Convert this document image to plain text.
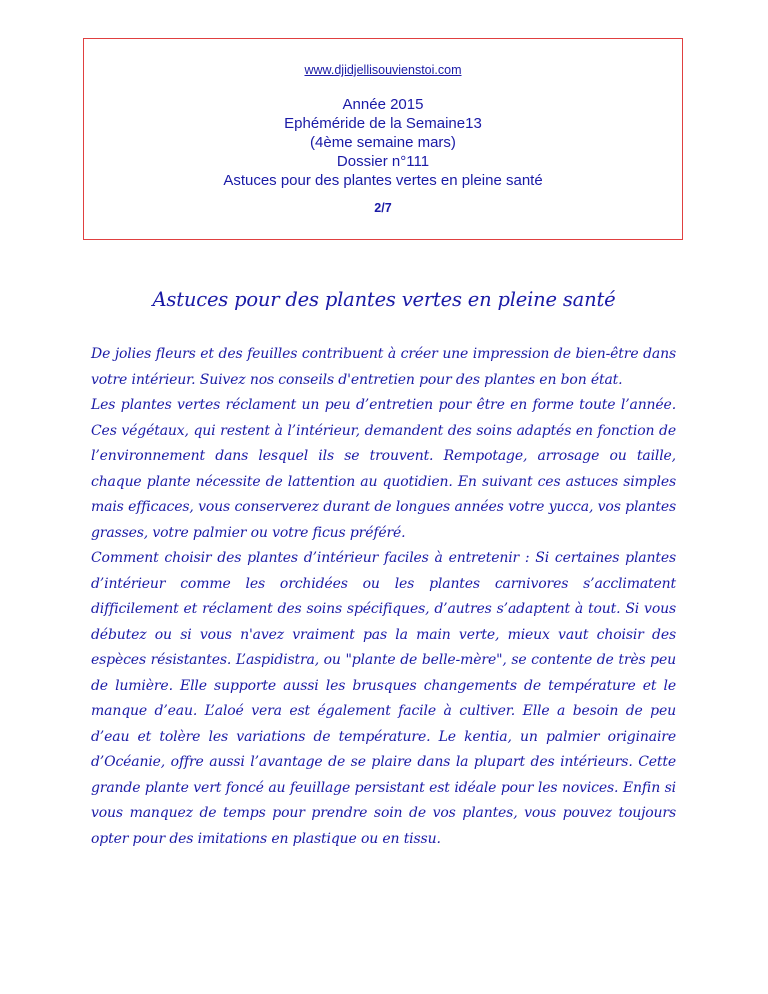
www.djidjellisouvienstoi.com
Année 2015
Ephéméride de la Semaine13
(4ème semaine mars)
Dossier n°111
Astuces pour des plantes vertes en pleine santé
2/7
Astuces pour des plantes vertes en pleine santé

De jolies fleurs et des feuilles contribuent à créer une impression de bien-être dans votre intérieur. Suivez nos conseils d'entretien pour des plantes en bon état.

Les plantes vertes réclament un peu d’entretien pour être en forme toute l’année. Ces végétaux, qui restent à l’intérieur, demandent des soins adaptés en fonction de l’environnement dans lesquel ils se trouvent. Rempotage, arrosage ou taille, chaque plante nécessite de lattention au quotidien. En suivant ces astuces simples mais efficaces, vous conserverez durant de longues années votre yucca, vos plantes grasses, votre palmier ou votre ficus préféré.

Comment choisir des plantes d’intérieur faciles à entretenir : Si certaines plantes d’intérieur comme les orchidées ou les plantes carnivores s’acclimatent difficilement et réclament des soins spécifiques, d’autres s’adaptent à tout. Si vous débutez ou si vous n'avez vraiment pas la main verte, mieux vaut choisir des espèces résistantes. L’aspidistra, ou "plante de belle-mère", se contente de très peu de lumière. Elle supporte aussi les brusques changements de température et le manque d’eau. L’aloé vera est également facile à cultiver. Elle a besoin de peu d’eau et tolère les variations de température. Le kentia, un palmier originaire d’Océanie, offre aussi l’avantage de se plaire dans la plupart des intérieurs. Cette grande plante vert foncé au feuillage persistant est idéale pour les novices. Enfin si vous manquez de temps pour prendre soin de vos plantes, vous pouvez toujours opter pour des imitations en plastique ou en tissu.
